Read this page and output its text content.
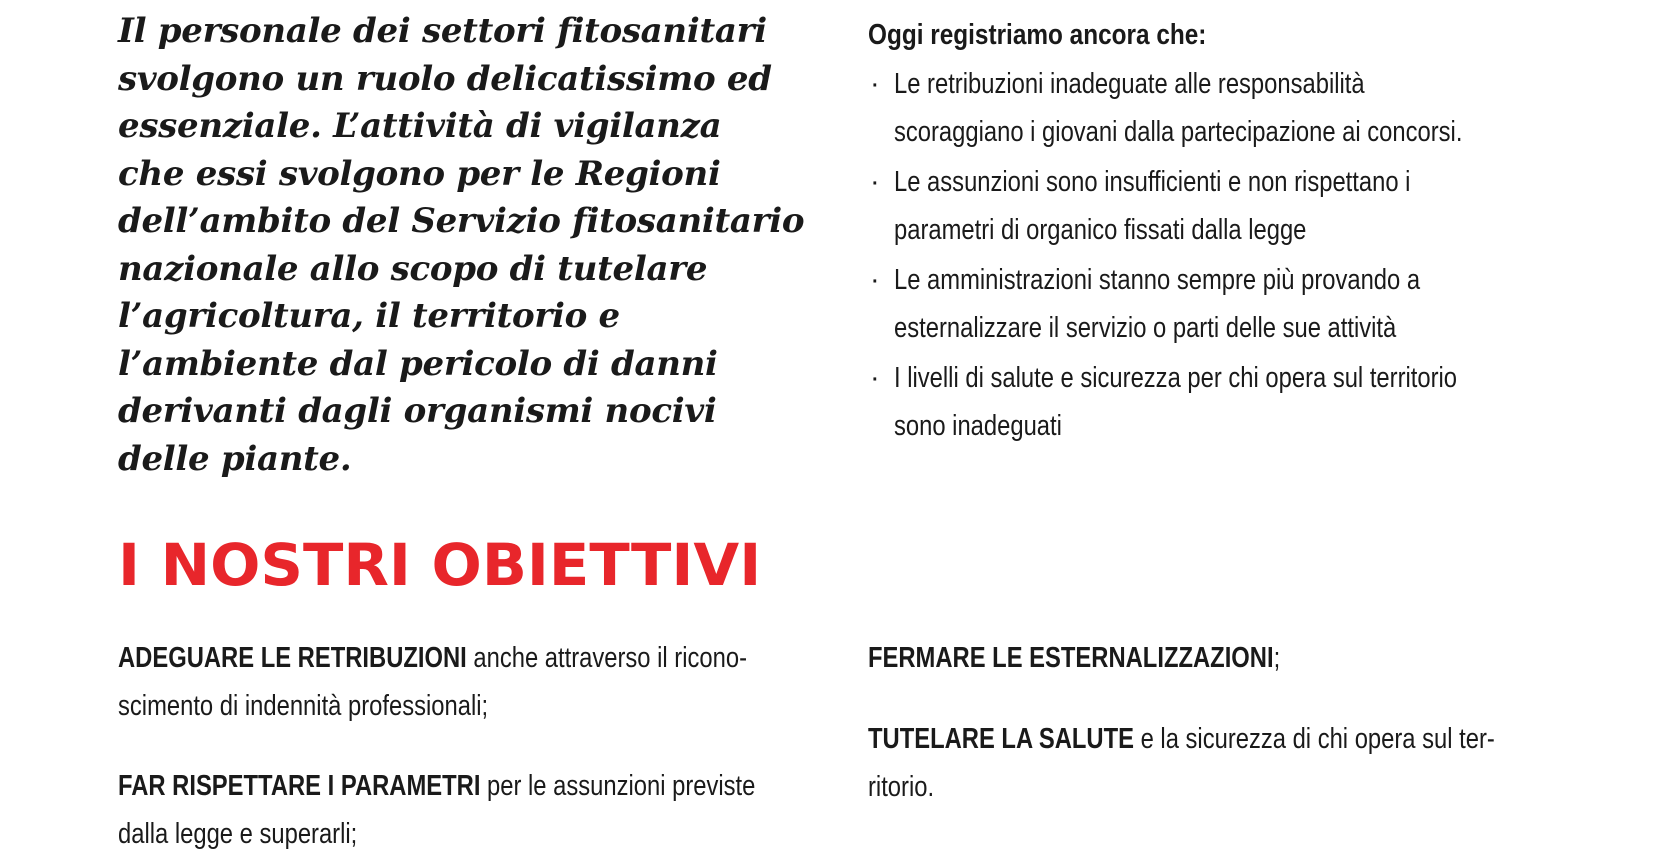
Il personale dei settori fitosanitari
svolgono un ruolo delicatissimo ed
essenziale. L’attività di vigilanza
che essi svolgono per le Regioni
dell’ambito del Servizio fitosanitario
nazionale allo scopo di tutelare
l’agricoltura, il territorio e
l’ambiente dal pericolo di danni
derivanti dagli organismi nocivi
delle piante.

Oggi registriamo ancora che:
· Le retribuzioni inadeguate alle responsabilità
scoraggiano i giovani dalla partecipazione ai concorsi.
· Le assunzioni sono insufficienti e non rispettano i
parametri di organico fissati dalla legge
· Le amministrazioni stanno sempre più provando a
esternalizzare il servizio o parti delle sue attività
· I livelli di salute e sicurezza per chi opera sul territorio
sono inadeguati
I NOSTRI OBIETTIVI

ADEGUARE LE RETRIBUZIONI anche attraverso il ricono-
scimento di indennità professionali;

FAR RISPETTARE I PARAMETRI per le assunzioni previste
dalla legge e superarli;

FERMARE LE ESTERNALIZZAZIONI;

TUTELARE LA SALUTE e la sicurezza di chi opera sul ter-
ritorio.
